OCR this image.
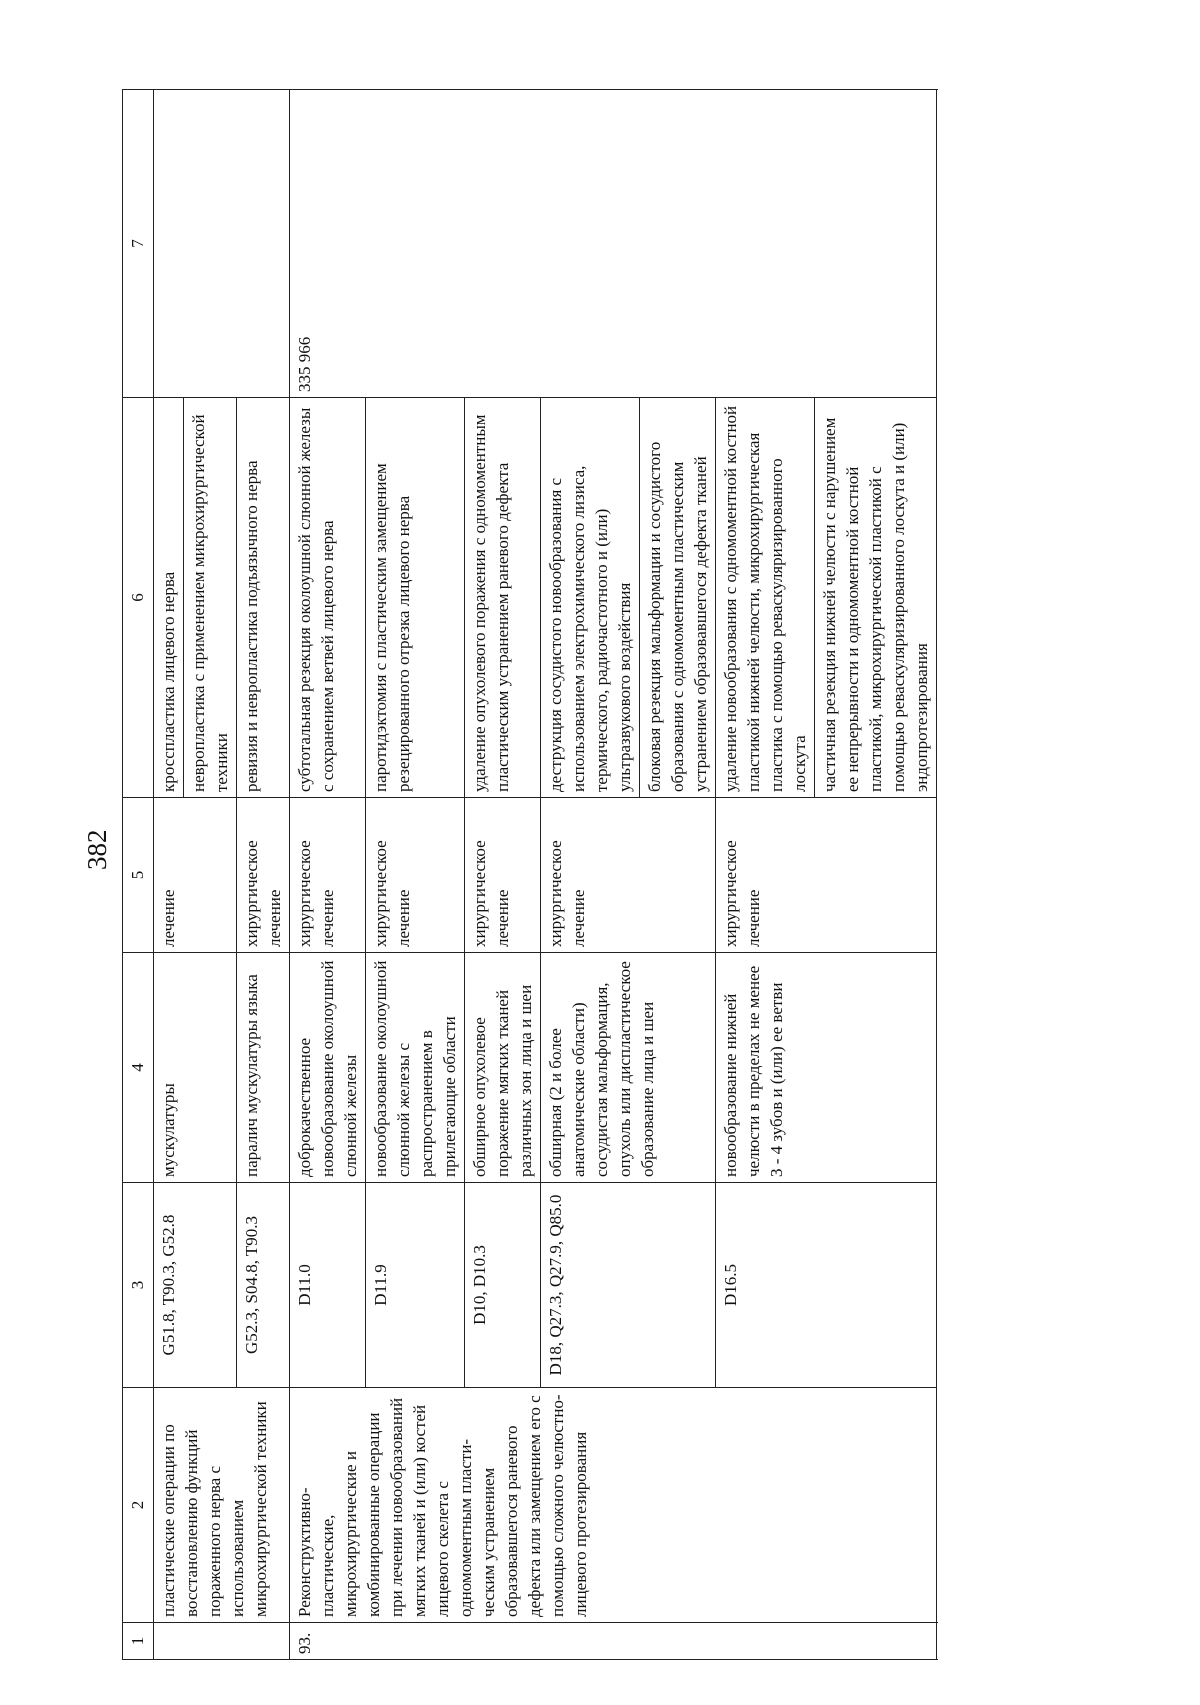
382
1	2	3	4	5	6	7
	пластические операции по восстановлению функций пораженного нерва с использованием микрохирургической техники	G51.8, T90.3, G52.8	мускулатуры	лечение	кросспластика лицевого нерва	
					невропластика с применением микрохирургической техники	
		G52.3, S04.8, T90.3	паралич мускулатуры языка	хирургическое лечение	ревизия и невропластика подъязычного нерва	
93.	Реконструктивно-пластические, микрохирургические и комбинированные операции при лечении новообразований мягких тканей и (или) костей лицевого скелета с одномоментным пласти-ческим устранением образовавшегося раневого дефекта или замещением его с помощью сложного челюстно-лицевого протезирования	D11.0	доброкачественное новообразование околоушной слюнной железы	хирургическое лечение	субтотальная резекция околоушной слюнной железы с сохранением ветвей лицевого нерва	335 966
		D11.9	новообразование околоушной слюнной железы с распространением в прилегающие области	хирургическое лечение	паротидэктомия с пластическим замещением резецированного отрезка лицевого нерва	
		D10, D10.3	обширное опухолевое поражение мягких тканей различных зон лица и шеи	хирургическое лечение	удаление опухолевого поражения с одномоментным пластическим устранением раневого дефекта	
		D18, Q27.3, Q27.9, Q85.0	обширная (2 и более анатомические области) сосудистая мальформация, опухоль или диспластическое образование лица и шеи	хирургическое лечение	деструкция сосудистого новообразования с использованием электрохимического лизиса, термического, радиочастотного и (или) ультразвукового воздействия	
					блоковая резекция мальформации и сосудистого образования с одномоментным пластическим устранением образовавшегося дефекта тканей	
		D16.5	новообразование нижней челюсти в пределах не менее 3 - 4 зубов и (или) ее ветви	хирургическое лечение	удаление новообразования с одномоментной костной пластикой нижней челюсти, микрохирургическая пластика с помощью реваскуляризированного лоскута	
					частичная резекция нижней челюсти с нарушением ее непрерывности и одномоментной костной пластикой, микрохирургической пластикой с помощью реваскуляризированного лоскута и (или) эндопротезирования	
